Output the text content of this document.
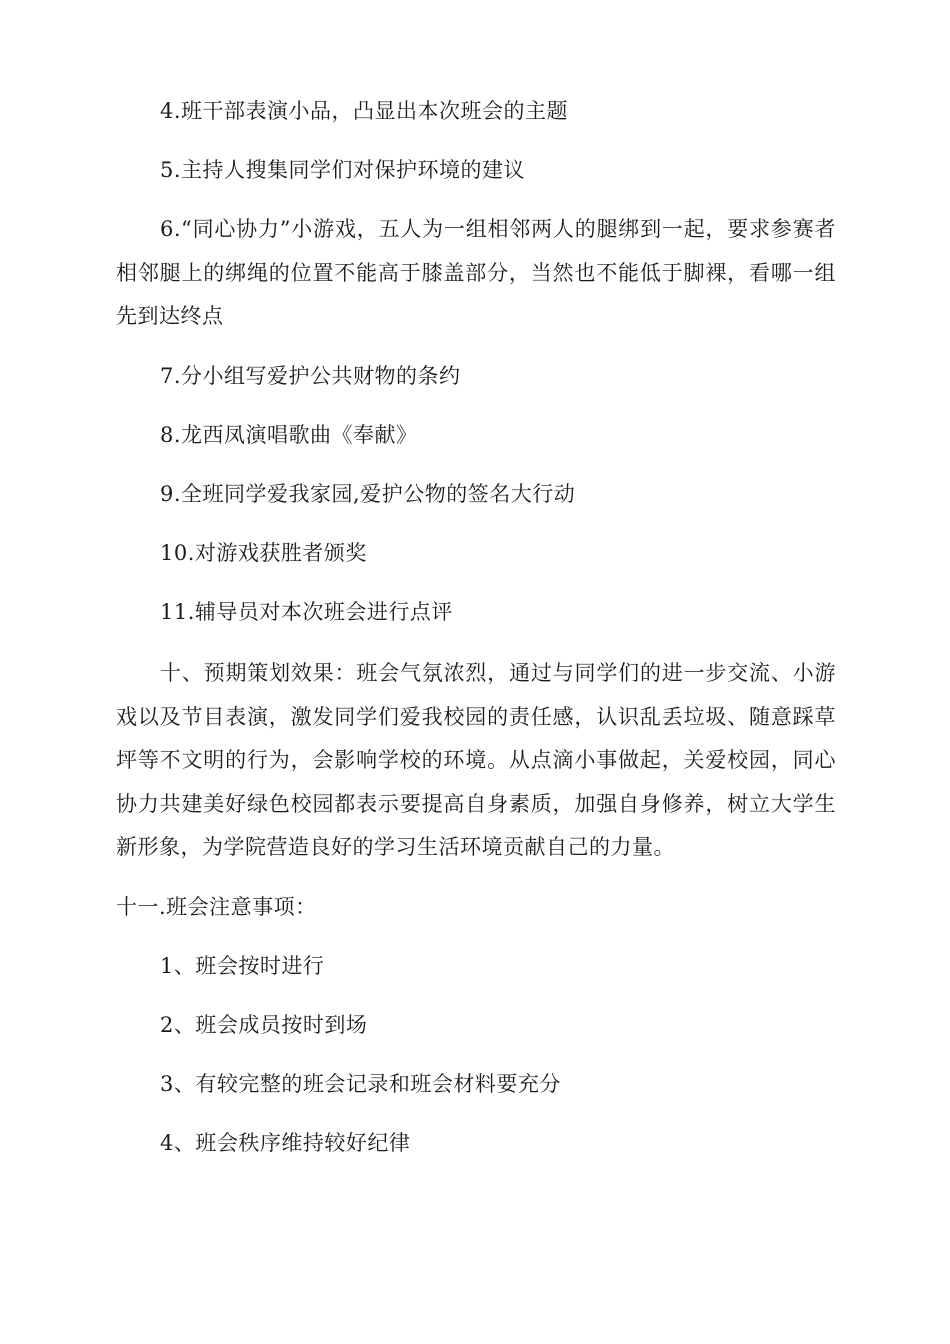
4.班干部表演小品，凸显出本次班会的主题
5.主持人搜集同学们对保护环境的建议
6.“同心协力”小游戏，五人为一组相邻两人的腿绑到一起，要求参赛者相邻腿上的绑绳的位置不能高于膝盖部分，当然也不能低于脚裸，看哪一组先到达终点
7.分小组写爱护公共财物的条约
8.龙西凤演唱歌曲《奉献》
9.全班同学爱我家园,爱护公物的签名大行动
10.对游戏获胜者颁奖
11.辅导员对本次班会进行点评
十、预期策划效果：班会气氛浓烈，通过与同学们的进一步交流、小游戏以及节目表演，激发同学们爱我校园的责任感，认识乱丢垃圾、随意踩草坪等不文明的行为，会影响学校的环境。从点滴小事做起，关爱校园，同心协力共建美好绿色校园都表示要提高自身素质，加强自身修养，树立大学生新形象，为学院营造良好的学习生活环境贡献自己的力量。
十一.班会注意事项：
1、班会按时进行
2、班会成员按时到场
3、有较完整的班会记录和班会材料要充分
4、班会秩序维持较好纪律
